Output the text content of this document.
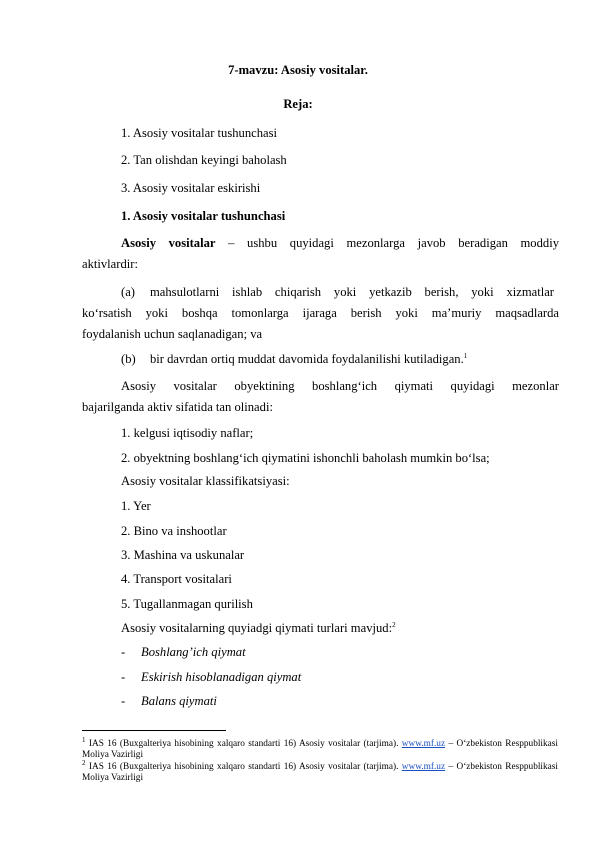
7-mavzu: Asosiy vositalar.
Reja:
1. Asosiy vositalar tushunchasi
2. Tan olishdan keyingi baholash
3. Asosiy vositalar eskirishi
1. Asosiy vositalar tushunchasi
Asosiy vositalar – ushbu quyidagi mezonlarga javob beradigan moddiy
aktivlardir:
(a) mahsulotlarni ishlab chiqarish yoki yetkazib berish, yoki xizmatlar
ko‘rsatish yoki boshqa tomonlarga ijaraga berish yoki ma’muriy maqsadlarda
foydalanish uchun saqlanadigan; va
(b) bir davrdan ortiq muddat davomida foydalanilishi kutiladigan.$^1$
Asosiy vositalar obyektining boshlang‘ich qiymati quyidagi mezonlar
bajarilganda aktiv sifatida tan olinadi:
1. kelgusi iqtisodiy naflar;
2. obyektning boshlang‘ich qiymatini ishonchli baholash mumkin bo‘lsa;
Asosiy vositalar klassifikatsiyasi:
1. Yer
2. Bino va inshootlar
3. Mashina va uskunalar
4. Transport vositalari
5. Tugallanmagan qurilish
Asosiy vositalarning quyiadgi qiymati turlari mavjud:$^2$
- Boshlang’ich qiymat
- Eskirish hisoblanadigan qiymat
- Balans qiymati
$^1$ IAS 16 (Buxgalteriya hisobining xalqaro standarti 16) Asosiy vositalar (tarjima). www.mf.uz – O‘zbekiston Resppublikasi Moliya Vazirligi
$^2$ IAS 16 (Buxgalteriya hisobining xalqaro standarti 16) Asosiy vositalar (tarjima). www.mf.uz – O‘zbekiston Resppublikasi Moliya Vazirligi
